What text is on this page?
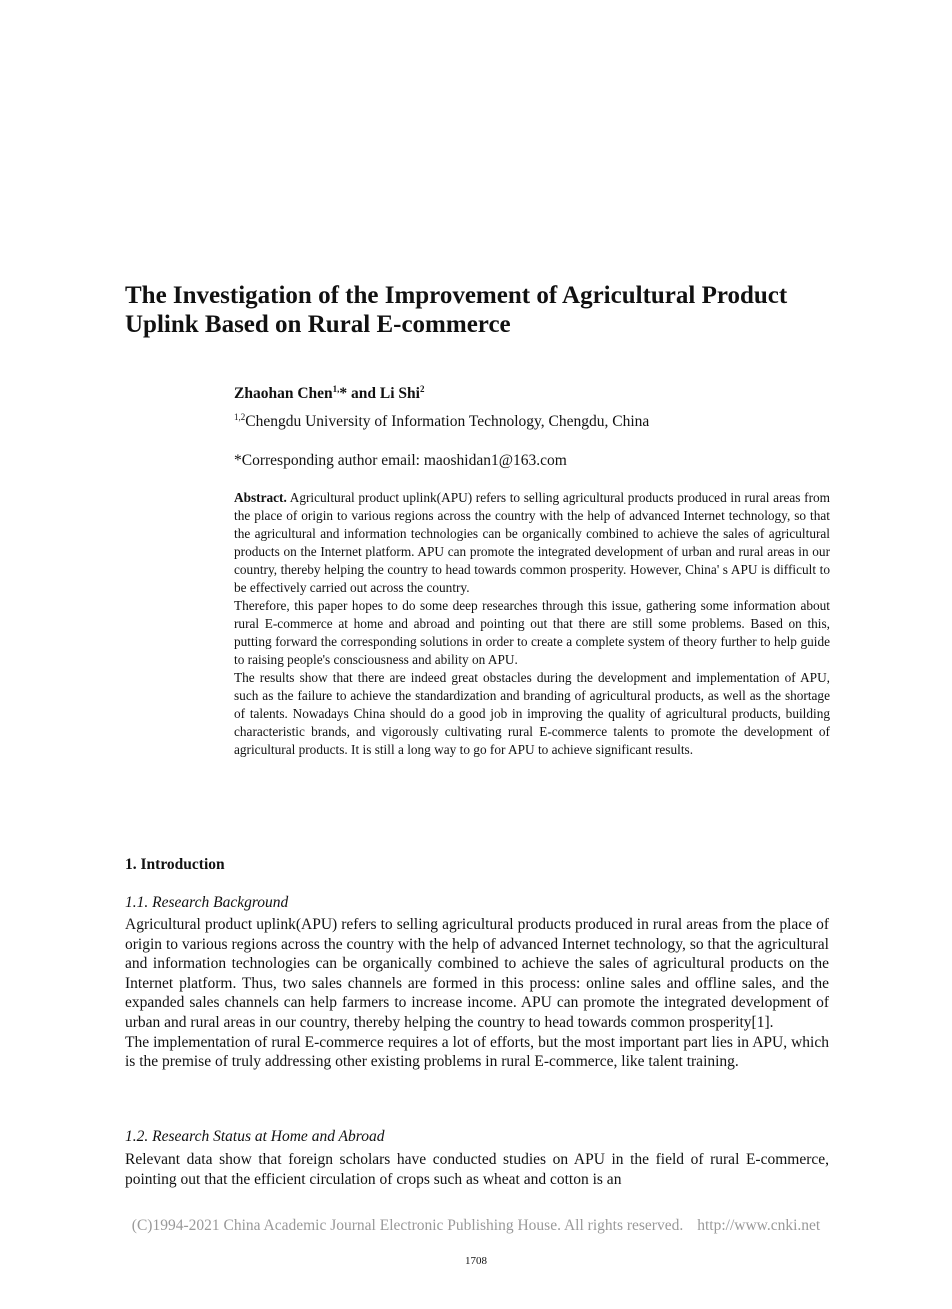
The Investigation of the Improvement of Agricultural Product
Uplink Based on Rural E-commerce
Zhaohan Chen$^{1,}$* and Li Shi$^2$
$^{1,2}$Chengdu University of Information Technology, Chengdu, China
*Corresponding author email: maoshidan1@163.com

Abstract. Agricultural product uplink(APU) refers to selling agricultural products produced in rural areas from the place of origin to various regions across the country with the help of advanced Internet technology, so that the agricultural and information technologies can be organically combined to achieve the sales of agricultural products on the Internet platform. APU can promote the integrated development of urban and rural areas in our country, thereby helping the country to head towards common prosperity. However, China' s APU is difficult to be effectively carried out across the country.

Therefore, this paper hopes to do some deep researches through this issue, gathering some information about rural E-commerce at home and abroad and pointing out that there are still some problems. Based on this, putting forward the corresponding solutions in order to create a complete system of theory further to help guide to raising people's consciousness and ability on APU.

The results show that there are indeed great obstacles during the development and implementation of APU, such as the failure to achieve the standardization and branding of agricultural products, as well as the shortage of talents. Nowadays China should do a good job in improving the quality of agricultural products, building characteristic brands, and vigorously cultivating rural E-commerce talents to promote the development of agricultural products. It is still a long way to go for APU to achieve significant results.

1. Introduction
1.1. Research Background

Agricultural product uplink(APU) refers to selling agricultural products produced in rural areas from the place of origin to various regions across the country with the help of advanced Internet technology, so that the agricultural and information technologies can be organically combined to achieve the sales of agricultural products on the Internet platform. Thus, two sales channels are formed in this process: online sales and offline sales, and the expanded sales channels can help farmers to increase income. APU can promote the integrated development of urban and rural areas in our country, thereby helping the country to head towards common prosperity[1].

The implementation of rural E-commerce requires a lot of efforts, but the most important part lies in APU, which is the premise of truly addressing other existing problems in rural E-commerce, like talent training.

1.2. Research Status at Home and Abroad

Relevant data show that foreign scholars have conducted studies on APU in the field of rural E-commerce, pointing out that the efficient circulation of crops such as wheat and cotton is an

(C)1994-2021 China Academic Journal Electronic Publishing House. All rights reserved. http://www.cnki.net
1708
